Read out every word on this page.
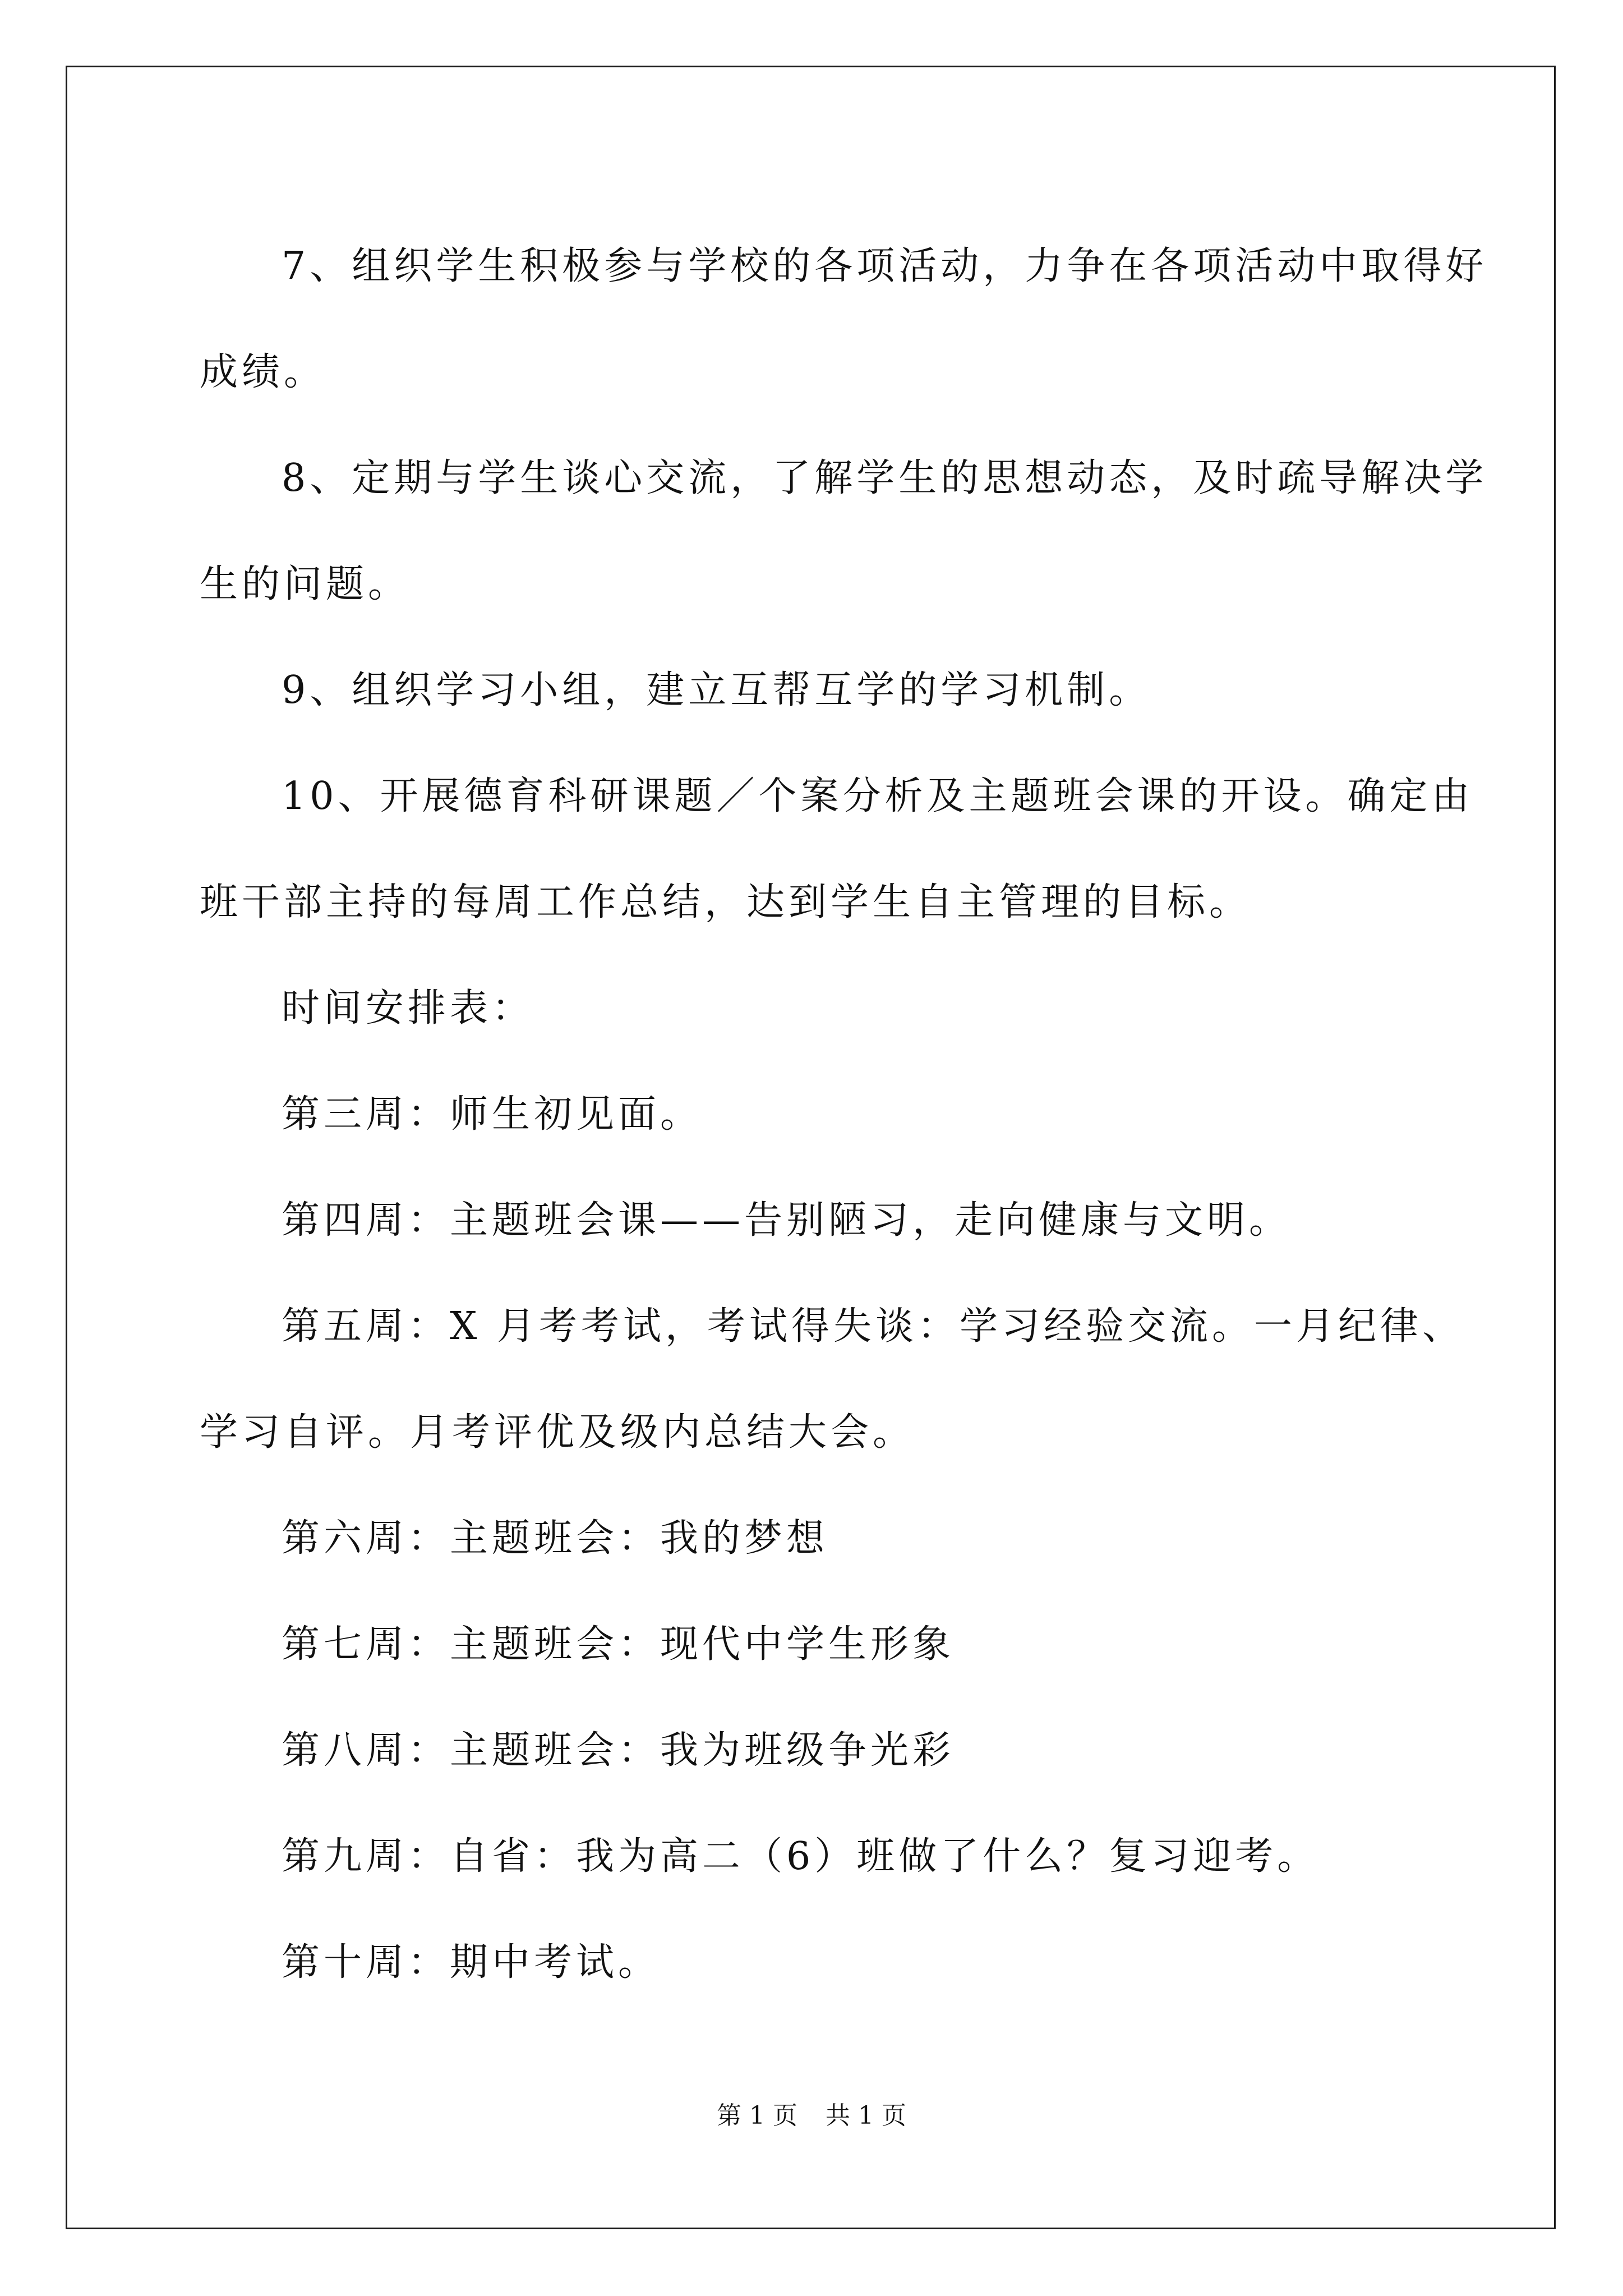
7、组织学生积极参与学校的各项活动，力争在各项活动中取得好

成绩。

8、定期与学生谈心交流，了解学生的思想动态，及时疏导解决学

生的问题。

9、组织学习小组，建立互帮互学的学习机制。

10、开展德育科研课题／个案分析及主题班会课的开设。确定由

班干部主持的每周工作总结，达到学生自主管理的目标。

时间安排表：

第三周：师生初见面。

第四周：主题班会课——告别陋习，走向健康与文明。

第五周：X 月考考试，考试得失谈：学习经验交流。一月纪律、

学习自评。月考评优及级内总结大会。

第六周：主题班会：我的梦想

第七周：主题班会：现代中学生形象

第八周：主题班会：我为班级争光彩

第九周：自省：我为高二（6）班做了什么？复习迎考。

第十周：期中考试。

第 1 页 共 1 页
